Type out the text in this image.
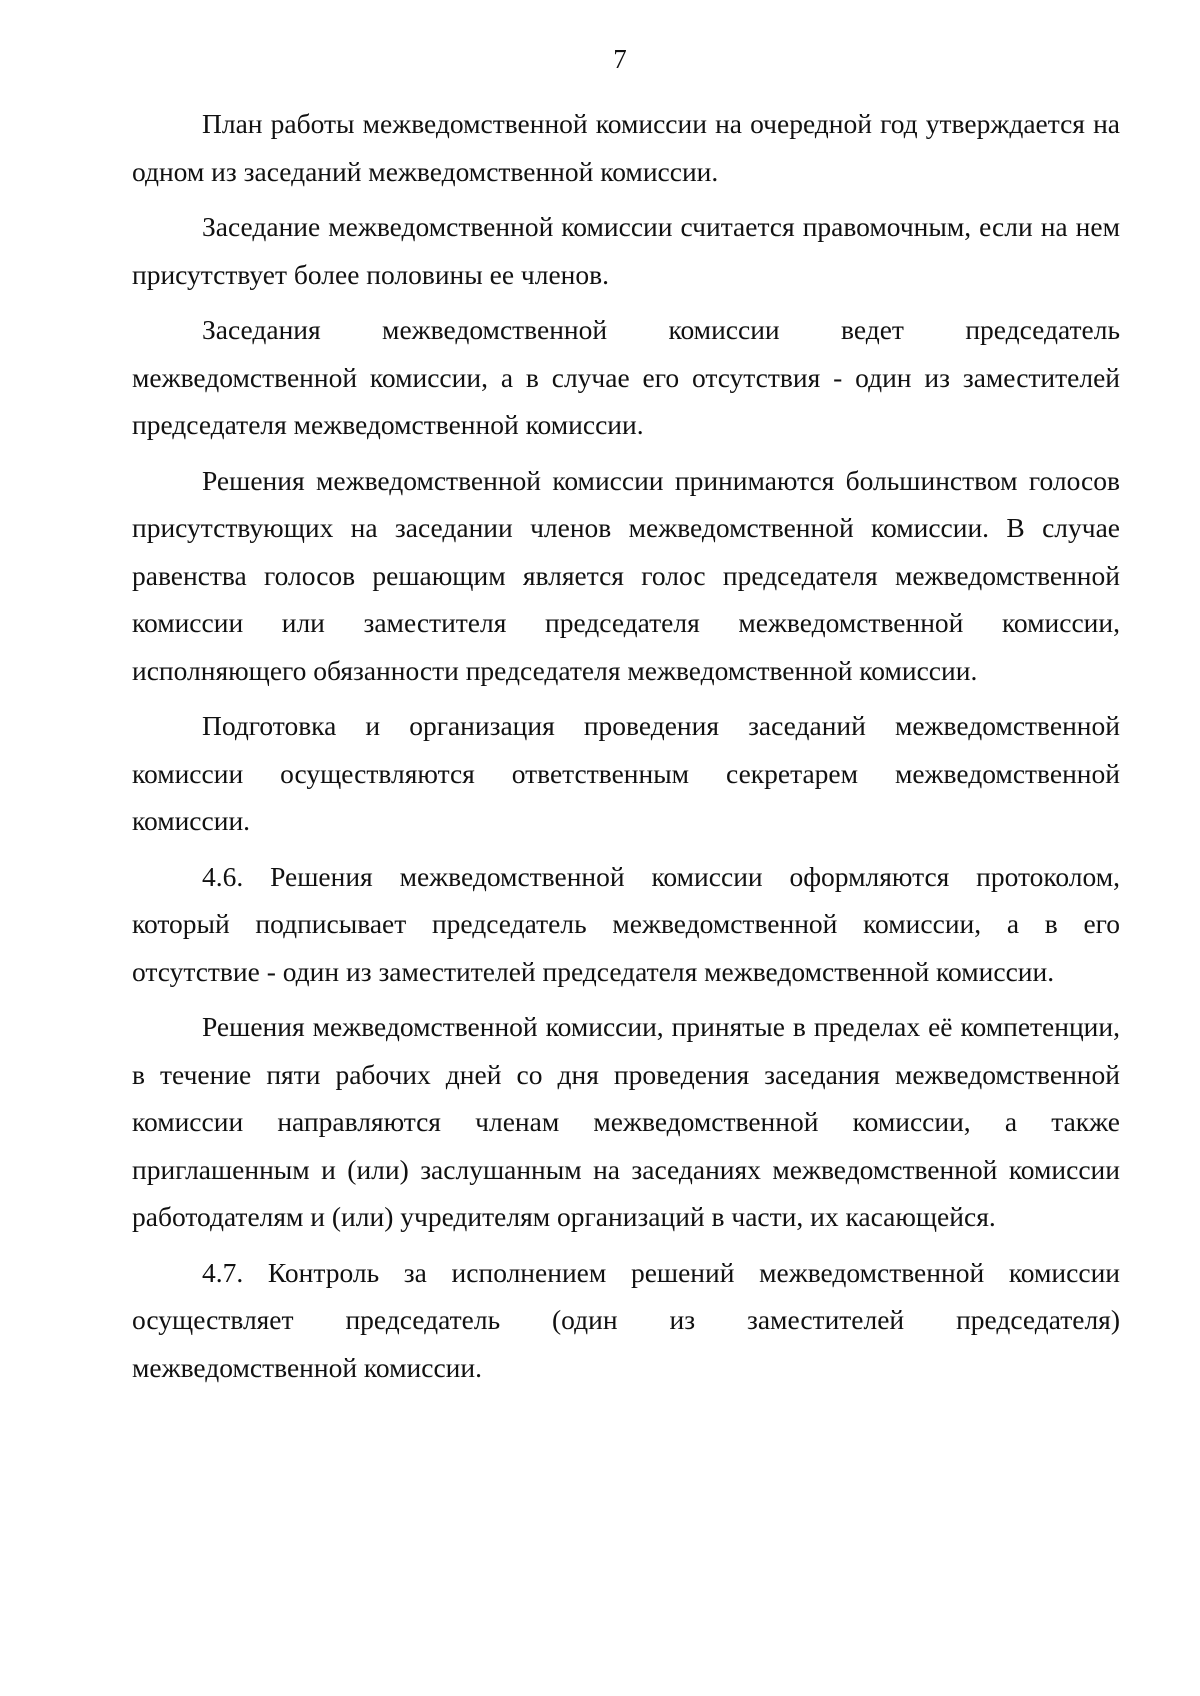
7

План работы межведомственной комиссии на очередной год утверждается на одном из заседаний межведомственной комиссии.

Заседание межведомственной комиссии считается правомочным, если на нем присутствует более половины ее членов.

Заседания межведомственной комиссии ведет председатель межведомственной комиссии, а в случае его отсутствия - один из заместителей председателя межведомственной комиссии.

Решения межведомственной комиссии принимаются большинством голосов присутствующих на заседании членов межведомственной комиссии. В случае равенства голосов решающим является голос председателя межведомственной комиссии или заместителя председателя межведомственной комиссии, исполняющего обязанности председателя межведомственной комиссии.

Подготовка и организация проведения заседаний межведомственной комиссии осуществляются ответственным секретарем межведомственной комиссии.

4.6. Решения межведомственной комиссии оформляются протоколом, который подписывает председатель межведомственной комиссии, а в его отсутствие - один из заместителей председателя межведомственной комиссии.

Решения межведомственной комиссии, принятые в пределах её компетенции, в течение пяти рабочих дней со дня проведения заседания межведомственной комиссии направляются членам межведомственной комиссии, а также приглашенным и (или) заслушанным на заседаниях межведомственной комиссии работодателям и (или) учредителям организаций в части, их касающейся.

4.7. Контроль за исполнением решений межведомственной комиссии осуществляет председатель (один из заместителей председателя) межведомственной комиссии.
